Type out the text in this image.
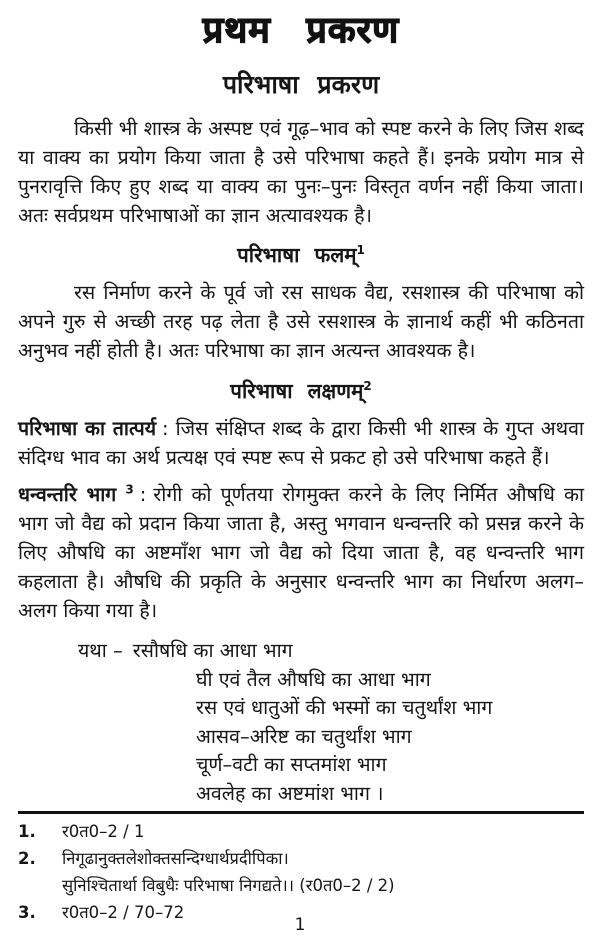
प्रथम प्रकरण
परिभाषा प्रकरण

किसी भी शास्त्र के अस्पष्ट एवं गूढ़–भाव को स्पष्ट करने के लिए जिस शब्द या वाक्य का प्रयोग किया जाता है उसे परिभाषा कहते हैं। इनके प्रयोग मात्र से पुनरावृत्ति किए हुए शब्द या वाक्य का पुनः–पुनः विस्तृत वर्णन नहीं किया जाता। अतः सर्वप्रथम परिभाषाओं का ज्ञान अत्यावश्यक है।

परिभाषा फलम्$^1$

रस निर्माण करने के पूर्व जो रस साधक वैद्य, रसशास्त्र की परिभाषा को अपने गुरु से अच्छी तरह पढ़ लेता है उसे रसशास्त्र के ज्ञानार्थ कहीं भी कठिनता अनुभव नहीं होती है। अतः परिभाषा का ज्ञान अत्यन्त आवश्यक है।

परिभाषा लक्षणम्$^2$

परिभाषा का तात्पर्य : जिस संक्षिप्त शब्द के द्वारा किसी भी शास्त्र के गुप्त अथवा संदिग्ध भाव का अर्थ प्रत्यक्ष एवं स्पष्ट रूप से प्रकट हो उसे परिभाषा कहते हैं।

धन्वन्तरि भाग $^3$ : रोगी को पूर्णतया रोगमुक्त करने के लिए निर्मित औषधि का भाग जो वैद्य को प्रदान किया जाता है, अस्तु भगवान धन्वन्तरि को प्रसन्न करने के लिए औषधि का अष्टमाँश भाग जो वैद्य को दिया जाता है, वह धन्वन्तरि भाग कहलाता है। औषधि की प्रकृति के अनुसार धन्वन्तरि भाग का निर्धारण अलग–अलग किया गया है।

यथा – रसौषधि का आधा भाग
घी एवं तैल औषधि का आधा भाग
रस एवं धातुओं की भस्मों का चतुर्थांश भाग
आसव–अरिष्ट का चतुर्थांश भाग
चूर्ण–वटी का सप्तमांश भाग
अवलेह का अष्टमांश भाग ।
1.	र0त0–2 / 1
2.	निगूढानुक्तलेशोक्तसन्दिग्धार्थप्रदीपिका।
सुनिश्चितार्थ‍ा विबुधैः परिभाषा निगद्यते।। (र0त0–2 / 2)
3.	र0त0–2 / 70–72
1
